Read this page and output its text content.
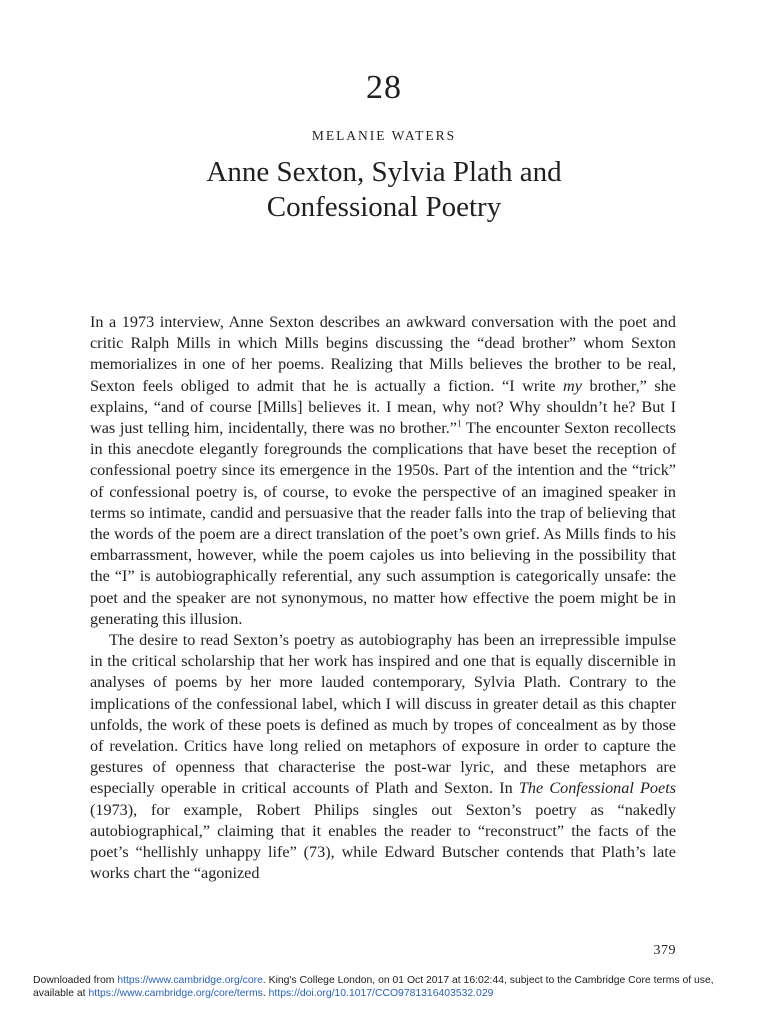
28
MELANIE WATERS
Anne Sexton, Sylvia Plath and Confessional Poetry

In a 1973 interview, Anne Sexton describes an awkward conversation with the poet and critic Ralph Mills in which Mills begins discussing the “dead brother” whom Sexton memorializes in one of her poems. Realizing that Mills believes the brother to be real, Sexton feels obliged to admit that he is actually a fiction. “I write my brother,” she explains, “and of course [Mills] believes it. I mean, why not? Why shouldn’t he? But I was just telling him, incidentally, there was no brother.”$^1$ The encounter Sexton recollects in this anecdote elegantly foregrounds the complications that have beset the reception of confessional poetry since its emergence in the 1950s. Part of the intention and the “trick” of confessional poetry is, of course, to evoke the perspective of an imagined speaker in terms so intimate, candid and persuasive that the reader falls into the trap of believing that the words of the poem are a direct translation of the poet’s own grief. As Mills finds to his embarrassment, however, while the poem cajoles us into believing in the possibility that the “I” is autobiographically referential, any such assumption is categorically unsafe: the poet and the speaker are not synonymous, no matter how effective the poem might be in generating this illusion.

The desire to read Sexton’s poetry as autobiography has been an irrepressible impulse in the critical scholarship that her work has inspired and one that is equally discernible in analyses of poems by her more lauded contemporary, Sylvia Plath. Contrary to the implications of the confessional label, which I will discuss in greater detail as this chapter unfolds, the work of these poets is defined as much by tropes of concealment as by those of revelation. Critics have long relied on metaphors of exposure in order to capture the gestures of openness that characterise the post-war lyric, and these metaphors are especially operable in critical accounts of Plath and Sexton. In The Confessional Poets (1973), for example, Robert Philips singles out Sexton’s poetry as “nakedly autobiographical,” claiming that it enables the reader to “reconstruct” the facts of the poet’s “hellishly unhappy life” (73), while Edward Butscher contends that Plath’s late works chart the “agonized

379
Downloaded from https://www.cambridge.org/core. King's College London, on 01 Oct 2017 at 16:02:44, subject to the Cambridge Core terms of use, available at https://www.cambridge.org/core/terms. https://doi.org/10.1017/CCO9781316403532.029
